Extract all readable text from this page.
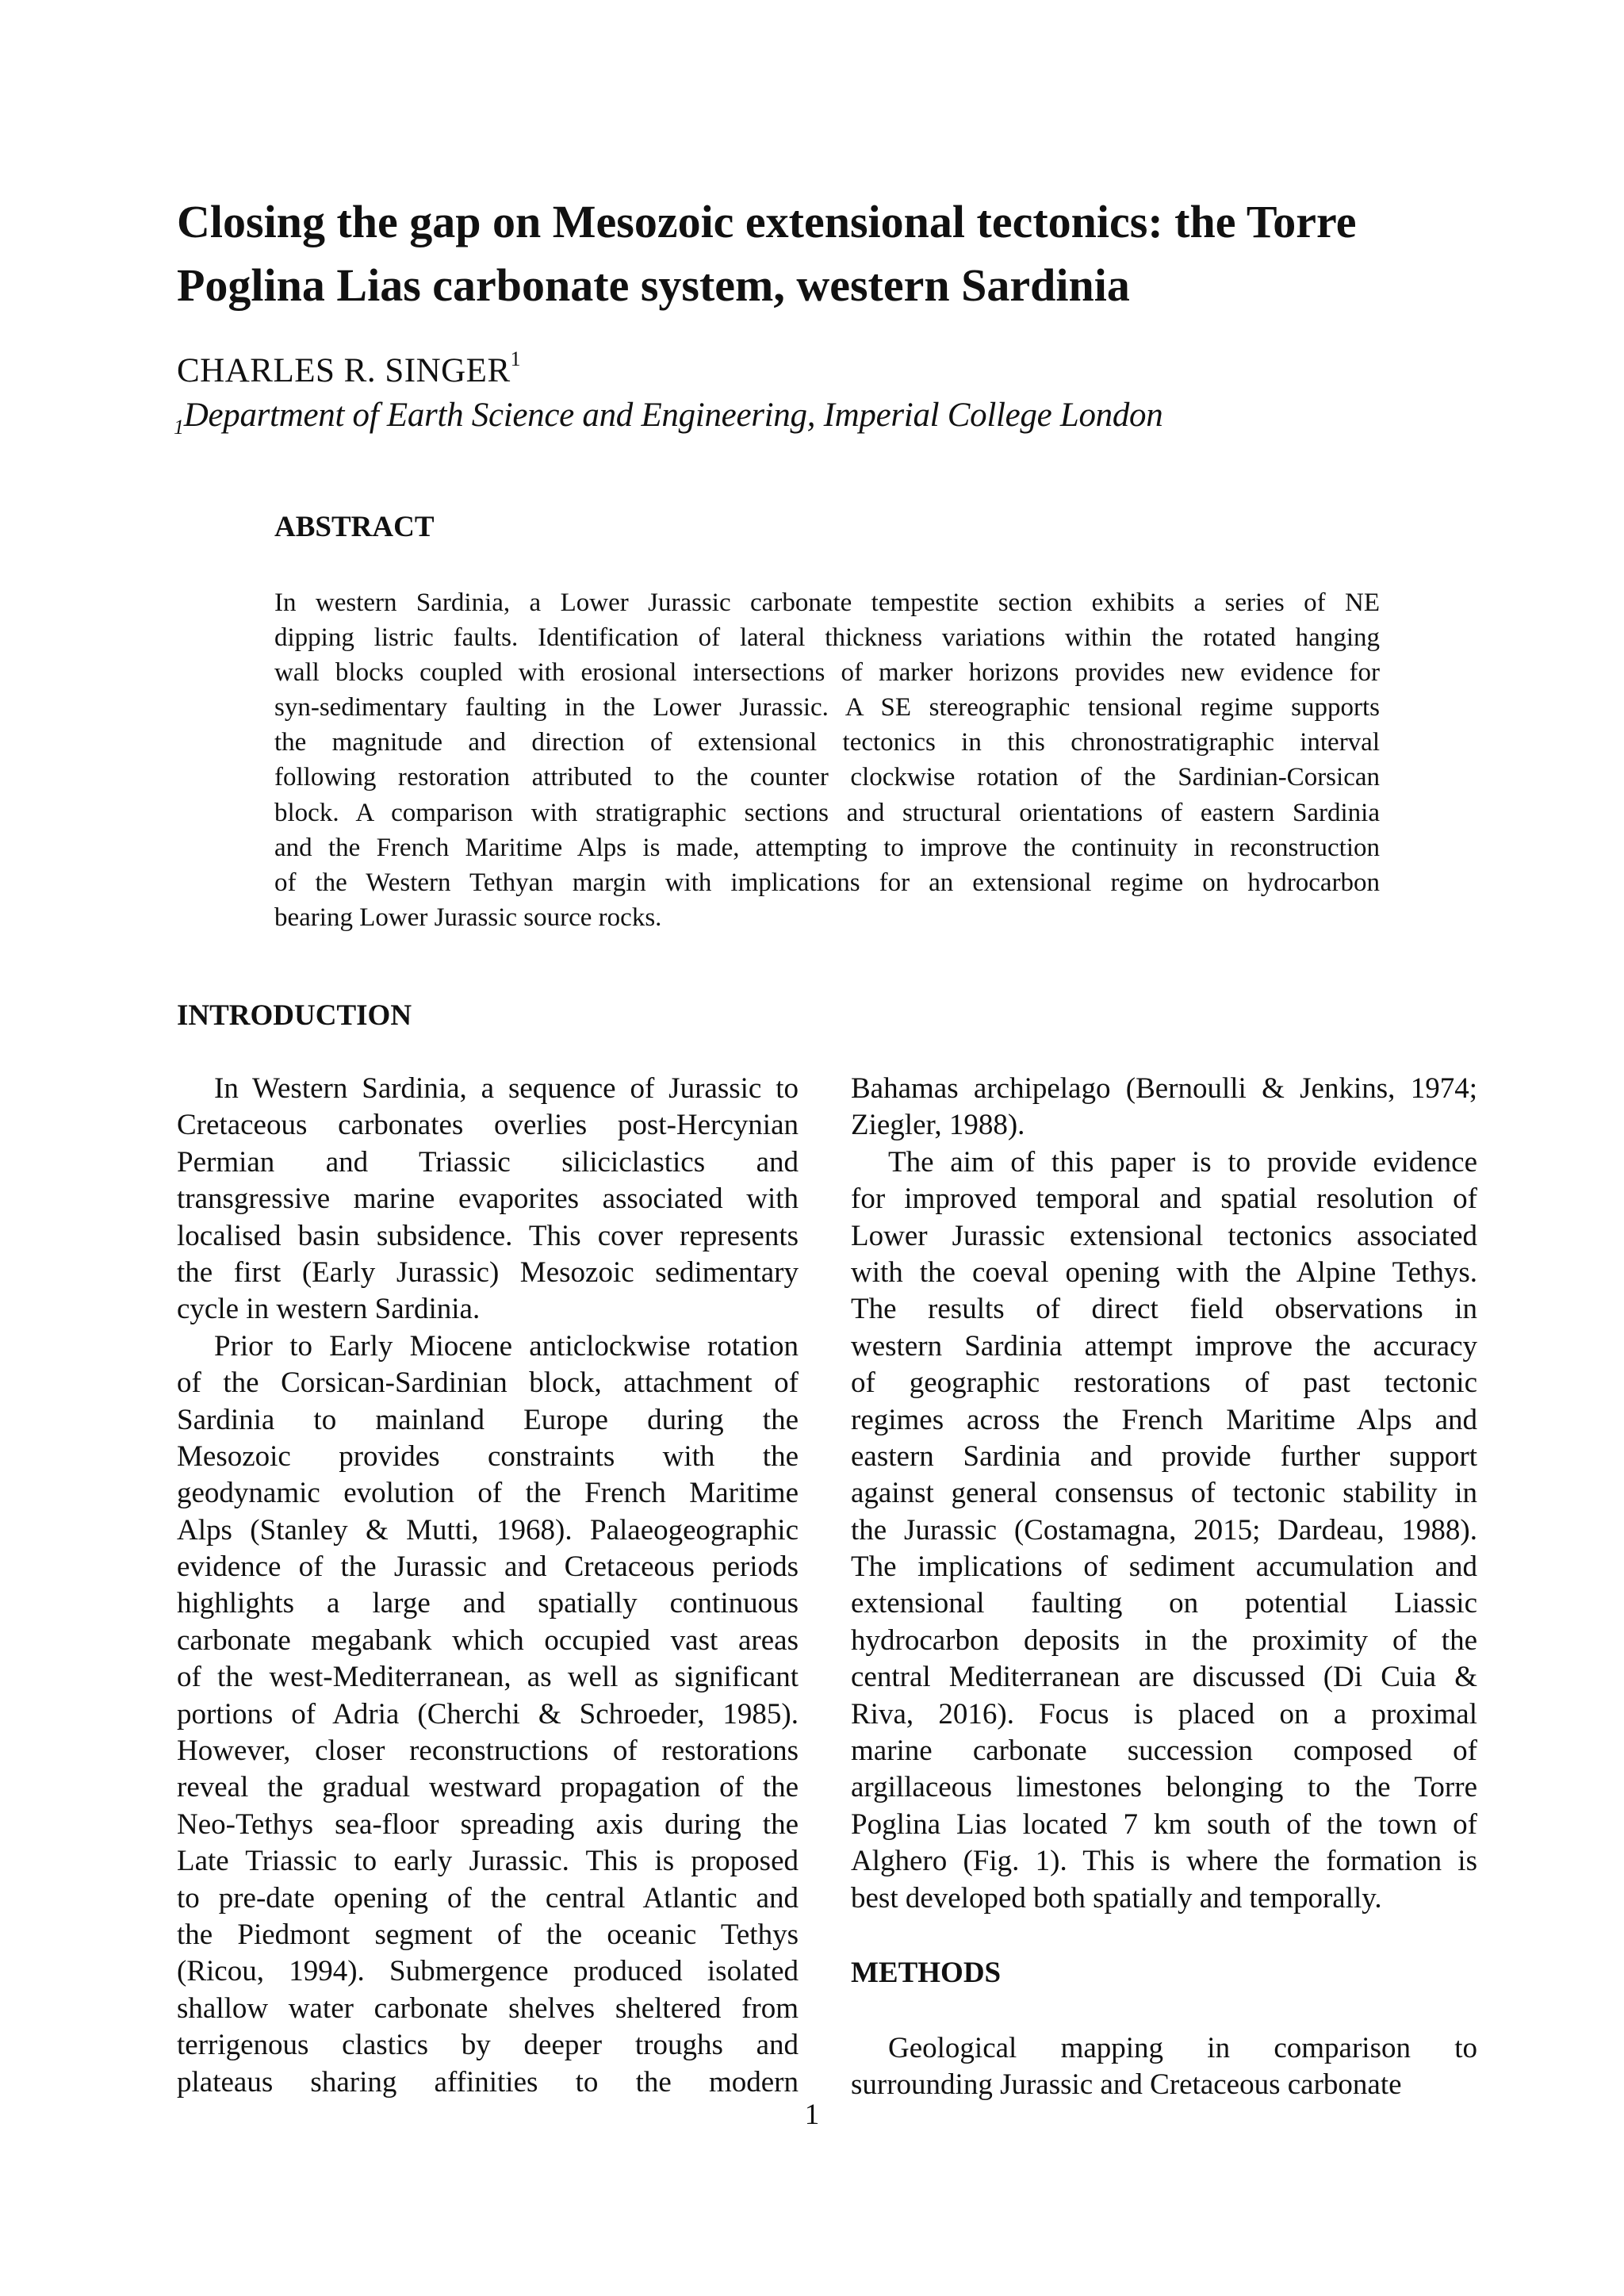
Closing the gap on Mesozoic extensional tectonics: the Torre
Poglina Lias carbonate system, western Sardinia

CHARLES R. SINGER$^1$

$_1$Department of Earth Science and Engineering, Imperial College London

ABSTRACT
In western Sardinia, a Lower Jurassic carbonate tempestite section exhibits a series of NE
dipping listric faults. Identification of lateral thickness variations within the rotated hanging
wall blocks coupled with erosional intersections of marker horizons provides new evidence for
syn-sedimentary faulting in the Lower Jurassic. A SE stereographic tensional regime supports
the magnitude and direction of extensional tectonics in this chronostratigraphic interval
following restoration attributed to the counter clockwise rotation of the Sardinian-Corsican
block. A comparison with stratigraphic sections and structural orientations of eastern Sardinia
and the French Maritime Alps is made, attempting to improve the continuity in reconstruction
of the Western Tethyan margin with implications for an extensional regime on hydrocarbon
bearing Lower Jurassic source rocks.
INTRODUCTION
In Western Sardinia, a sequence of Jurassic to
Cretaceous carbonates overlies post-Hercynian
Permian and Triassic siliciclastics and
transgressive marine evaporites associated with
localised basin subsidence. This cover represents
the first (Early Jurassic) Mesozoic sedimentary
cycle in western Sardinia.
Prior to Early Miocene anticlockwise rotation
of the Corsican-Sardinian block, attachment of
Sardinia to mainland Europe during the
Mesozoic provides constraints with the
geodynamic evolution of the French Maritime
Alps (Stanley & Mutti, 1968). Palaeogeographic
evidence of the Jurassic and Cretaceous periods
highlights a large and spatially continuous
carbonate megabank which occupied vast areas
of the west-Mediterranean, as well as significant
portions of Adria (Cherchi & Schroeder, 1985).
However, closer reconstructions of restorations
reveal the gradual westward propagation of the
Neo-Tethys sea-floor spreading axis during the
Late Triassic to early Jurassic. This is proposed
to pre-date opening of the central Atlantic and
the Piedmont segment of the oceanic Tethys
(Ricou, 1994). Submergence produced isolated
shallow water carbonate shelves sheltered from
terrigenous clastics by deeper troughs and
plateaus sharing affinities to the modern
Bahamas archipelago (Bernoulli & Jenkins, 1974;
Ziegler, 1988).
The aim of this paper is to provide evidence
for improved temporal and spatial resolution of
Lower Jurassic extensional tectonics associated
with the coeval opening with the Alpine Tethys.
The results of direct field observations in
western Sardinia attempt improve the accuracy
of geographic restorations of past tectonic
regimes across the French Maritime Alps and
eastern Sardinia and provide further support
against general consensus of tectonic stability in
the Jurassic (Costamagna, 2015; Dardeau, 1988).
The implications of sediment accumulation and
extensional faulting on potential Liassic
hydrocarbon deposits in the proximity of the
central Mediterranean are discussed (Di Cuia &
Riva, 2016). Focus is placed on a proximal
marine carbonate succession composed of
argillaceous limestones belonging to the Torre
Poglina Lias located 7 km south of the town of
Alghero (Fig. 1). This is where the formation is
best developed both spatially and temporally.
METHODS
Geological mapping in comparison to
surrounding Jurassic and Cretaceous carbonate
1
